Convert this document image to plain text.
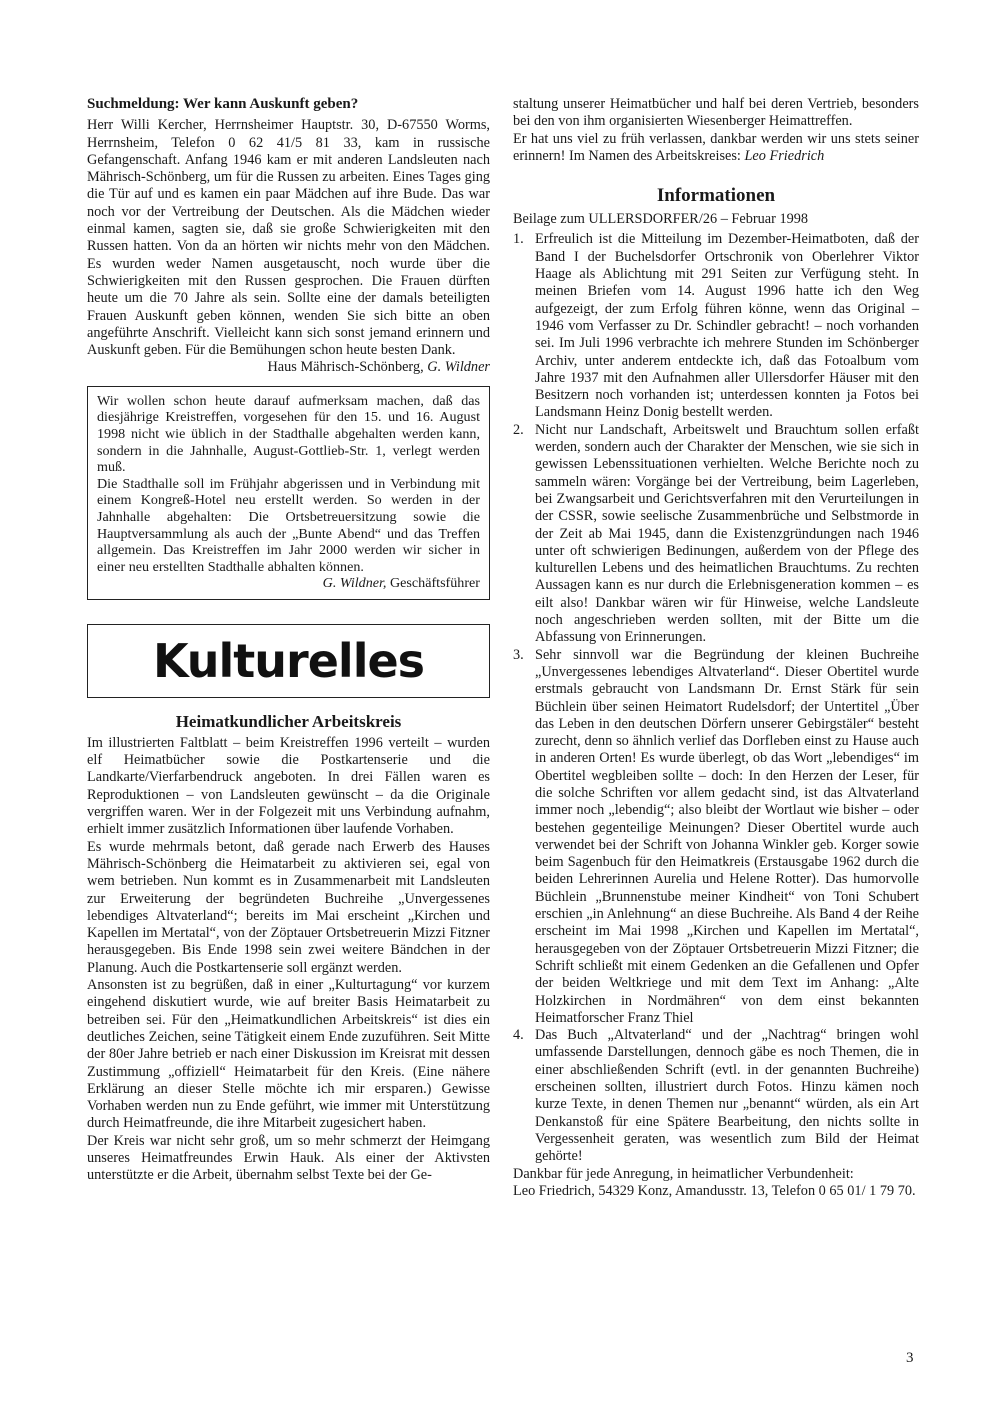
Suchmeldung: Wer kann Auskunft geben?

Herr Willi Kercher, Herrnsheimer Hauptstr. 30, D-67550 Worms, Herrnsheim, Telefon 0 62 41/5 81 33, kam in russische Gefangenschaft. Anfang 1946 kam er mit anderen Landsleuten nach Mährisch-Schönberg, um für die Russen zu arbeiten. Eines Tages ging die Tür auf und es kamen ein paar Mädchen auf ihre Bude. Das war noch vor der Vertreibung der Deutschen. Als die Mädchen wieder einmal kamen, sagten sie, daß sie große Schwierigkeiten mit den Russen hatten. Von da an hörten wir nichts mehr von den Mädchen. Es wurden weder Namen ausgetauscht, noch wurde über die Schwierigkeiten mit den Russen gesprochen. Die Frauen dürften heute um die 70 Jahre als sein. Sollte eine der damals beteiligten Frauen Auskunft geben können, wenden Sie sich bitte an oben angeführte Anschrift. Vielleicht kann sich sonst jemand erinnern und Auskunft geben. Für die Bemühungen schon heute besten Dank.

Haus Mährisch-Schönberg, G. Wildner

Wir wollen schon heute darauf aufmerksam machen, daß das diesjährige Kreistreffen, vorgesehen für den 15. und 16. August 1998 nicht wie üblich in der Stadthalle abgehalten werden kann, sondern in die Jahnhalle, August-Gottlieb-Str. 1, verlegt werden muß.

Die Stadthalle soll im Frühjahr abgerissen und in Verbindung mit einem Kongreß-Hotel neu erstellt werden. So werden in der Jahnhalle abgehalten: Die Ortsbetreuersitzung sowie die Hauptversammlung als auch der „Bunte Abend“ und das Treffen allgemein. Das Kreistreffen im Jahr 2000 werden wir sicher in einer neu erstellten Stadthalle abhalten können.

G. Wildner, Geschäftsführer

Kulturelles
Heimatkundlicher Arbeitskreis

Im illustrierten Faltblatt – beim Kreistreffen 1996 verteilt – wurden elf Heimatbücher sowie die Postkartenserie und die Landkarte/Vierfarbendruck angeboten. In drei Fällen waren es Reproduktionen – von Landsleuten gewünscht – da die Originale vergriffen waren. Wer in der Folgezeit mit uns Verbindung aufnahm, erhielt immer zusätzlich Informationen über laufende Vorhaben.

Es wurde mehrmals betont, daß gerade nach Erwerb des Hauses Mährisch-Schönberg die Heimatarbeit zu aktivieren sei, egal von wem betrieben. Nun kommt es in Zusammenarbeit mit Landsleuten zur Erweiterung der begründeten Buchreihe „Unvergessenes lebendiges Altvaterland“; bereits im Mai erscheint „Kirchen und Kapellen im Mertatal“, von der Zöptauer Ortsbetreuerin Mizzi Fitzner herausgegeben. Bis Ende 1998 sein zwei weitere Bändchen in der Planung. Auch die Postkartenserie soll ergänzt werden.

Ansonsten ist zu begrüßen, daß in einer „Kulturtagung“ vor kurzem eingehend diskutiert wurde, wie auf breiter Basis Heimatarbeit zu betreiben sei. Für den „Heimatkundlichen Arbeitskreis“ ist dies ein deutliches Zeichen, seine Tätigkeit einem Ende zuzuführen. Seit Mitte der 80er Jahre betrieb er nach einer Diskussion im Kreisrat mit dessen Zustimmung „offiziell“ Heimatarbeit für den Kreis. (Eine nähere Erklärung an dieser Stelle möchte ich mir ersparen.) Gewisse Vorhaben werden nun zu Ende geführt, wie immer mit Unterstützung durch Heimatfreunde, die ihre Mitarbeit zugesichert haben.

Der Kreis war nicht sehr groß, um so mehr schmerzt der Heimgang unseres Heimatfreundes Erwin Hauk. Als einer der Aktivsten unterstützte er die Arbeit, übernahm selbst Texte bei der Ge-

staltung unserer Heimatbücher und half bei deren Vertrieb, besonders bei den von ihm organisierten Wiesenberger Heimattreffen.

Er hat uns viel zu früh verlassen, dankbar werden wir uns stets seiner erinnern! Im Namen des Arbeitskreises: Leo Friedrich

Informationen

Beilage zum ULLERSDORFER/26 – Februar 1998

1. Erfreulich ist die Mitteilung im Dezember-Heimatboten, daß der Band I der Buchelsdorfer Ortschronik von Oberlehrer Viktor Haage als Ablichtung mit 291 Seiten zur Verfügung steht. In meinen Briefen vom 14. August 1996 hatte ich den Weg aufgezeigt, der zum Erfolg führen könne, wenn das Original – 1946 vom Verfasser zu Dr. Schindler gebracht! – noch vorhanden sei. Im Juli 1996 verbrachte ich mehrere Stunden im Schönberger Archiv, unter anderem entdeckte ich, daß das Fotoalbum vom Jahre 1937 mit den Aufnahmen aller Ullersdorfer Häuser mit den Besitzern noch vorhanden ist; unterdessen konnten ja Fotos bei Landsmann Heinz Donig bestellt werden.

2. Nicht nur Landschaft, Arbeitswelt und Brauchtum sollen erfaßt werden, sondern auch der Charakter der Menschen, wie sie sich in gewissen Lebenssituationen verhielten. Welche Berichte noch zu sammeln wären: Vorgänge bei der Vertreibung, beim Lagerleben, bei Zwangsarbeit und Gerichtsverfahren mit den Verurteilungen in der CSSR, sowie seelische Zusammenbrüche und Selbstmorde in der Zeit ab Mai 1945, dann die Existenzgründungen nach 1946 unter oft schwierigen Bedinungen, außerdem von der Pflege des kulturellen Lebens und des heimatlichen Brauchtums. Zu rechten Aussagen kann es nur durch die Erlebnisgeneration kommen – es eilt also! Dankbar wären wir für Hinweise, welche Landsleute noch angeschrieben werden sollten, mit der Bitte um die Abfassung von Erinnerungen.

3. Sehr sinnvoll war die Begründung der kleinen Buchreihe „Unvergessenes lebendiges Altvaterland“. Dieser Obertitel wurde erstmals gebraucht von Landsmann Dr. Ernst Stärk für sein Büchlein über seinen Heimatort Rudelsdorf; der Untertitel „Über das Leben in den deutschen Dörfern unserer Gebirgstäler“ besteht zurecht, denn so ähnlich verlief das Dorfleben einst zu Hause auch in anderen Orten! Es wurde überlegt, ob das Wort „lebendiges“ im Obertitel wegbleiben sollte – doch: In den Herzen der Leser, für die solche Schriften vor allem gedacht sind, ist das Altvaterland immer noch „lebendig“; also bleibt der Wortlaut wie bisher – oder bestehen gegenteilige Meinungen? Dieser Obertitel wurde auch verwendet bei der Schrift von Johanna Winkler geb. Korger sowie beim Sagenbuch für den Heimatkreis (Erstausgabe 1962 durch die beiden Lehrerinnen Aurelia und Helene Rotter). Das humorvolle Büchlein „Brunnenstube meiner Kindheit“ von Toni Schubert erschien „in Anlehnung“ an diese Buchreihe. Als Band 4 der Reihe erscheint im Mai 1998 „Kirchen und Kapellen im Mertatal“, herausgegeben von der Zöptauer Ortsbetreuerin Mizzi Fitzner; die Schrift schließt mit einem Gedenken an die Gefallenen und Opfer der beiden Weltkriege und mit dem Text im Anhang: „Alte Holzkirchen in Nordmähren“ von dem einst bekannten Heimatforscher Franz Thiel

4. Das Buch „Altvaterland“ und der „Nachtrag“ bringen wohl umfassende Darstellungen, dennoch gäbe es noch Themen, die in einer abschließenden Schrift (evtl. in der genannten Buchreihe) erscheinen sollten, illustriert durch Fotos. Hinzu kämen noch kurze Texte, in denen Themen nur „benannt“ würden, als ein Art Denkanstoß für eine Spätere Bearbeitung, den nichts sollte in Vergessenheit geraten, was wesentlich zum Bild der Heimat gehörte!

Dankbar für jede Anregung, in heimatlicher Verbundenheit:

Leo Friedrich, 54329 Konz, Amandusstr. 13, Telefon 0 65 01/ 1 79 70.

3
